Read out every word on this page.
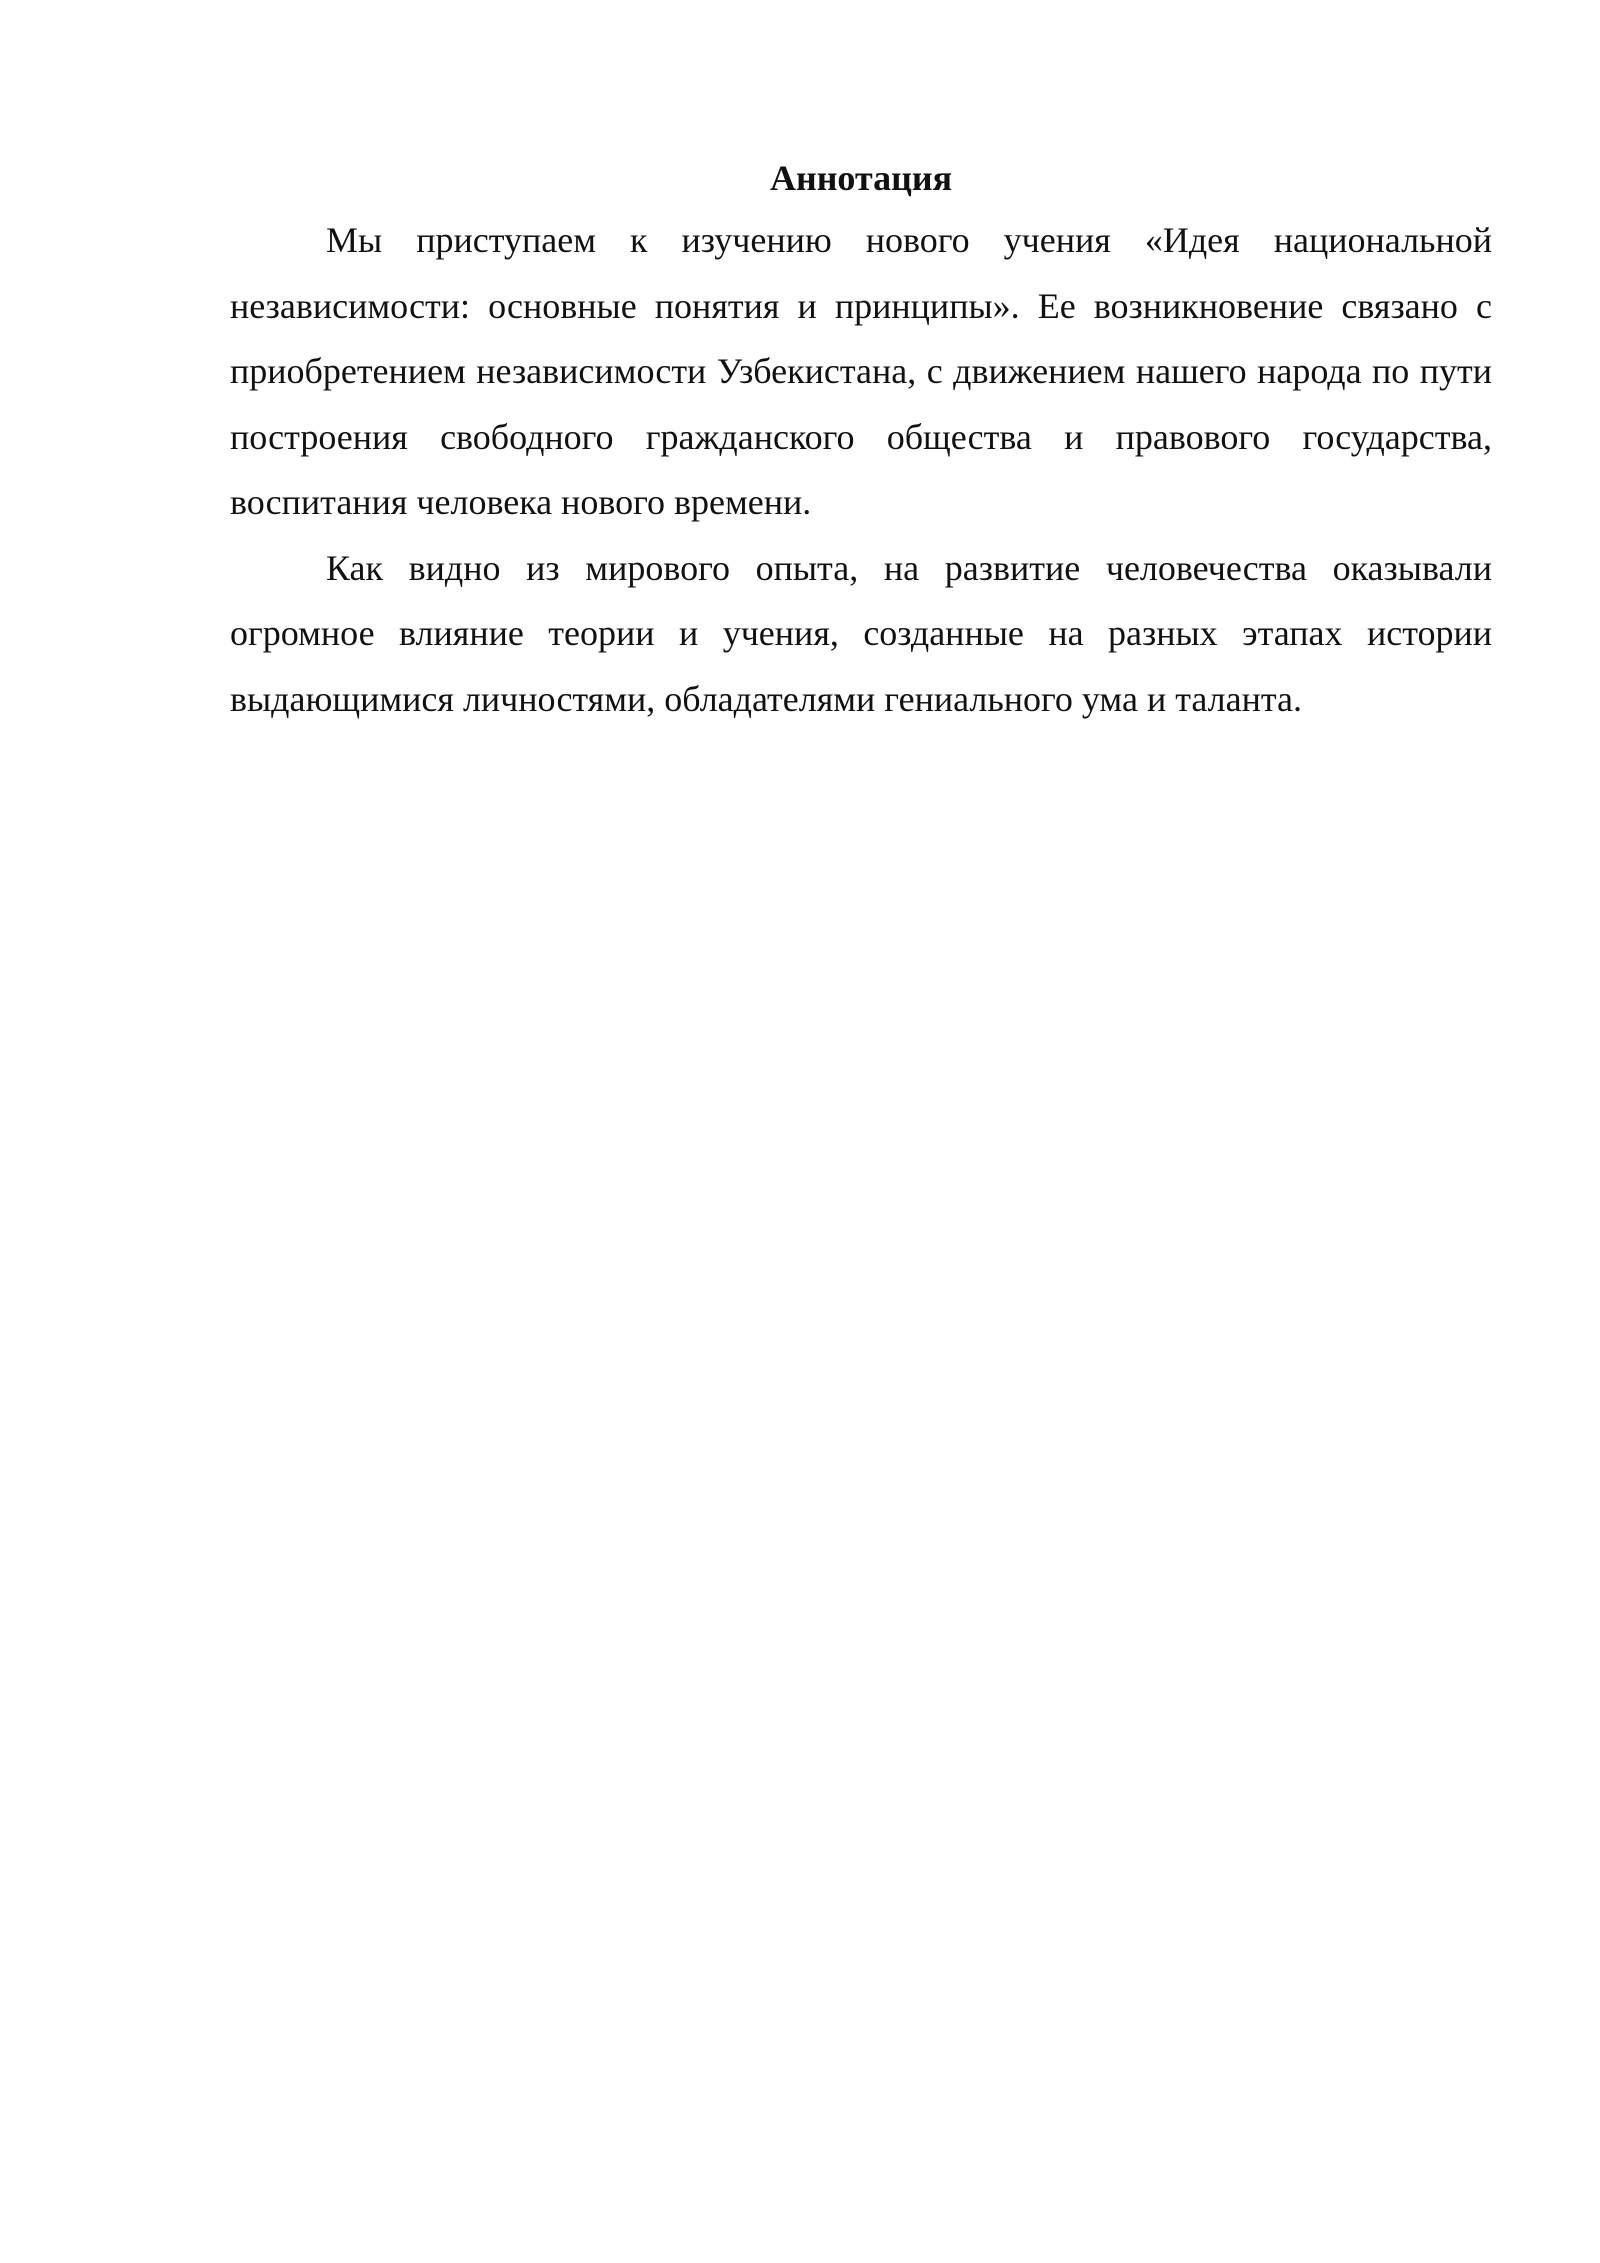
Аннотация

Мы приступаем к изучению нового учения «Идея национальной независимости: основные понятия и принципы». Ее возникновение связано с приобретением независимости Узбекистана, с движением нашего народа по пути построения свободного гражданского общества и правового государства, воспитания человека нового времени.

Как видно из мирового опыта, на развитие человечества оказывали огромное влияние теории и учения, созданные на разных этапах истории выдающимися личностями, обладателями гениального ума и таланта.
